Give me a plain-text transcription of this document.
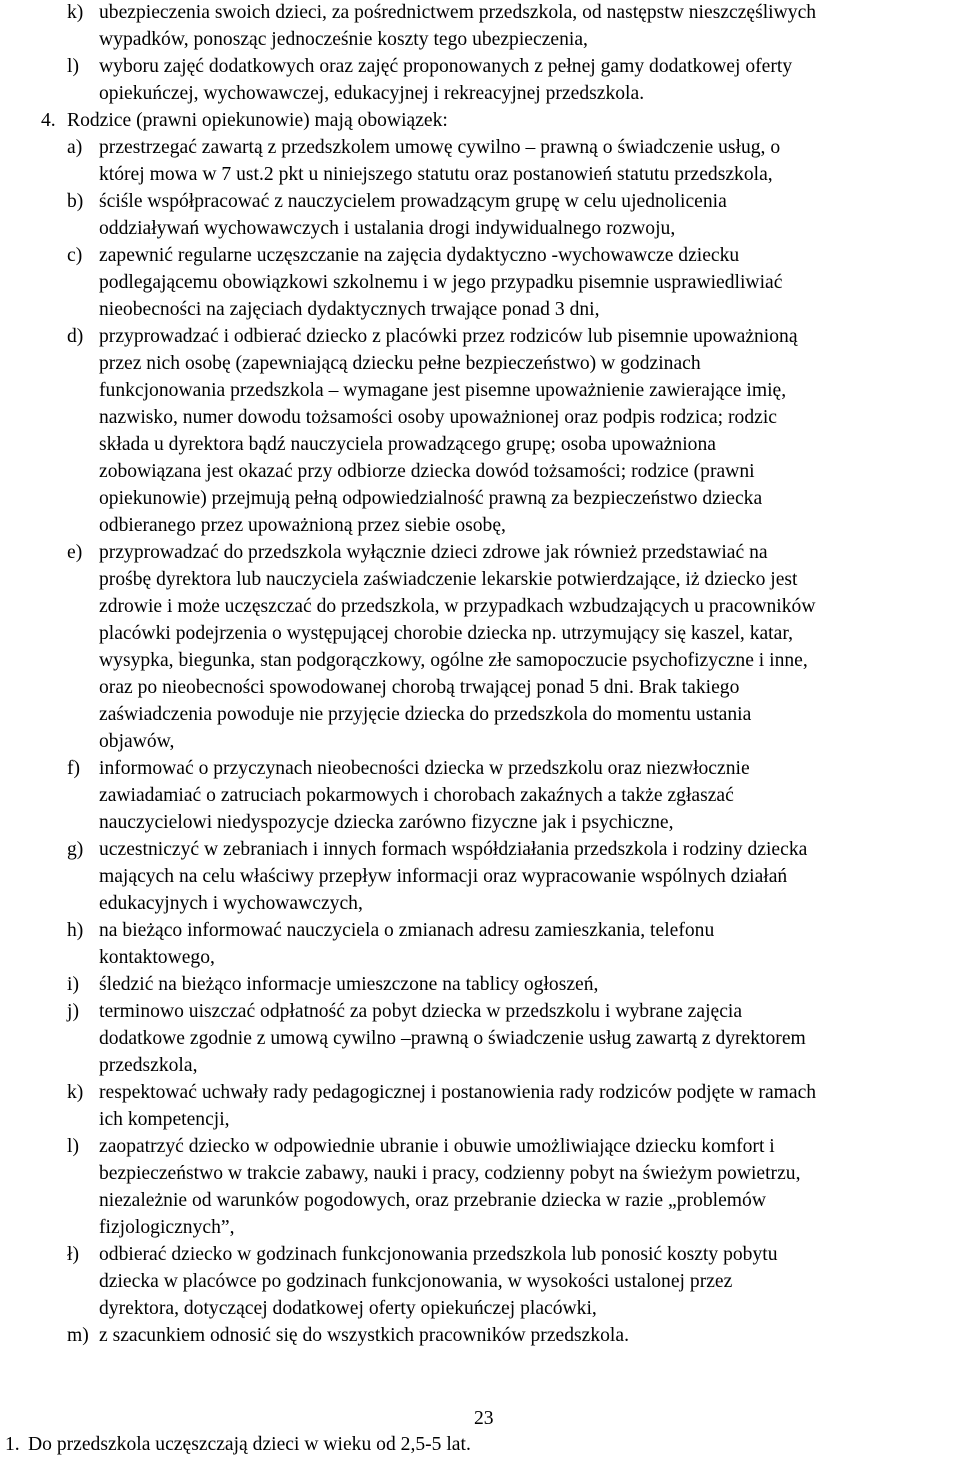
k) ubezpieczenia swoich dzieci, za pośrednictwem przedszkola, od następstw nieszczęśliwych
wypadków, ponosząc jednocześnie koszty tego ubezpieczenia,
l) wyboru zajęć dodatkowych oraz zajęć proponowanych z pełnej gamy dodatkowej oferty
opiekuńczej, wychowawczej, edukacyjnej i rekreacyjnej przedszkola.
4. Rodzice (prawni opiekunowie) mają obowiązek:
a) przestrzegać zawartą z przedszkolem umowę cywilno – prawną o świadczenie usług, o
której mowa w 7 ust.2 pkt u niniejszego statutu oraz postanowień statutu przedszkola,
b) ściśle współpracować z nauczycielem prowadzącym grupę w celu ujednolicenia
oddziaływań wychowawczych i ustalania drogi indywidualnego rozwoju,
c) zapewnić regularne uczęszczanie na zajęcia dydaktyczno -wychowawcze dziecku
podlegającemu obowiązkowi szkolnemu i w jego przypadku pisemnie usprawiedliwiać
nieobecności na zajęciach dydaktycznych trwające ponad 3 dni,
d) przyprowadzać i odbierać dziecko z placówki przez rodziców lub pisemnie upoważnioną
przez nich osobę (zapewniającą dziecku pełne bezpieczeństwo) w godzinach
funkcjonowania przedszkola – wymagane jest pisemne upoważnienie zawierające imię,
nazwisko, numer dowodu tożsamości osoby upoważnionej oraz podpis rodzica; rodzic
składa u dyrektora bądź nauczyciela prowadzącego grupę; osoba upoważniona
zobowiązana jest okazać przy odbiorze dziecka dowód tożsamości; rodzice (prawni
opiekunowie) przejmują pełną odpowiedzialność prawną za bezpieczeństwo dziecka
odbieranego przez upoważnioną przez siebie osobę,
e) przyprowadzać do przedszkola wyłącznie dzieci zdrowe jak również przedstawiać na
prośbę dyrektora lub nauczyciela zaświadczenie lekarskie potwierdzające, iż dziecko jest
zdrowie i może uczęszczać do przedszkola, w przypadkach wzbudzających u pracowników
placówki podejrzenia o występującej chorobie dziecka np. utrzymujący się kaszel, katar,
wysypka, biegunka, stan podgorączkowy, ogólne złe samopoczucie psychofizyczne i inne,
oraz po nieobecności spowodowanej chorobą trwającej ponad 5 dni. Brak takiego
zaświadczenia powoduje nie przyjęcie dziecka do przedszkola do momentu ustania
objawów,
f) informować o przyczynach nieobecności dziecka w przedszkolu oraz niezwłocznie
zawiadamiać o zatruciach pokarmowych i chorobach zakaźnych a także zgłaszać
nauczycielowi niedyspozycje dziecka zarówno fizyczne jak i psychiczne,
g) uczestniczyć w zebraniach i innych formach współdziałania przedszkola i rodziny dziecka
mających na celu właściwy przepływ informacji oraz wypracowanie wspólnych działań
edukacyjnych i wychowawczych,
h) na bieżąco informować nauczyciela o zmianach adresu zamieszkania, telefonu
kontaktowego,
i) śledzić na bieżąco informacje umieszczone na tablicy ogłoszeń,
j) terminowo uiszczać odpłatność za pobyt dziecka w przedszkolu i wybrane zajęcia
dodatkowe zgodnie z umową cywilno –prawną o świadczenie usług zawartą z dyrektorem
przedszkola,
k) respektować uchwały rady pedagogicznej i postanowienia rady rodziców podjęte w ramach
ich kompetencji,
l) zaopatrzyć dziecko w odpowiednie ubranie i obuwie umożliwiające dziecku komfort i
bezpieczeństwo w trakcie zabawy, nauki i pracy, codzienny pobyt na świeżym powietrzu,
niezależnie od warunków pogodowych, oraz przebranie dziecka w razie „problemów
fizjologicznych”,
ł) odbierać dziecko w godzinach funkcjonowania przedszkola lub ponosić koszty pobytu
dziecka w placówce po godzinach funkcjonowania, w wysokości ustalonej przez
dyrektora, dotyczącej dodatkowej oferty opiekuńczej placówki,
m) z szacunkiem odnosić się do wszystkich pracowników przedszkola.
23
1. Do przedszkola uczęszczają dzieci w wieku od 2,5-5 lat.
